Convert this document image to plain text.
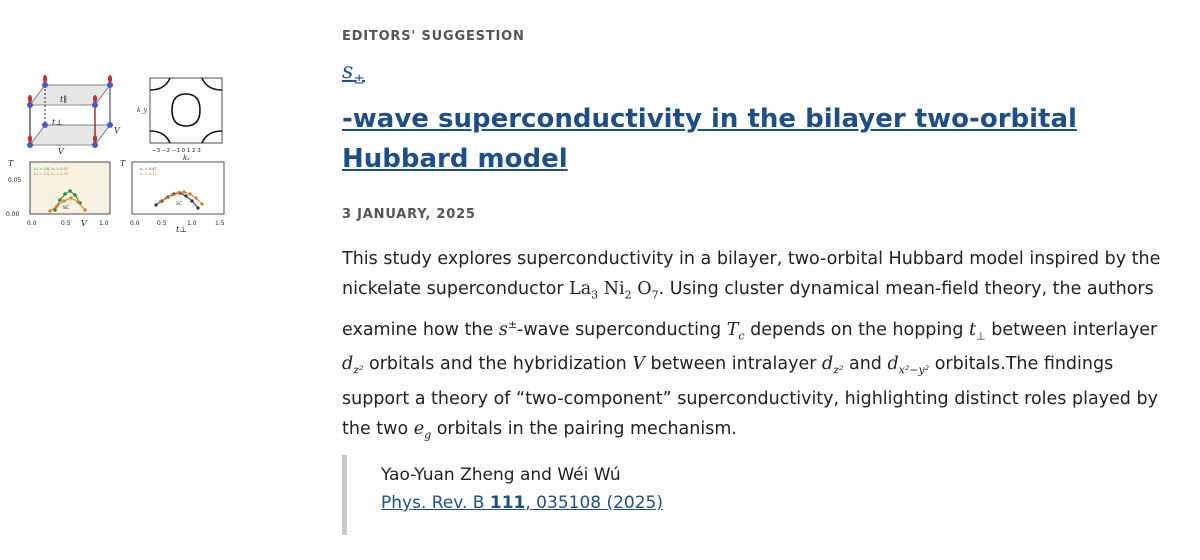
t∥
t⊥
V
V	−3 −2 −1 0 1 2 3
kₓ
k_y
T
0.05
0.00
0.0	0.5	1.0
V
t⊥ = 0.8, nₓ = 0.47
t⊥ = 1.0, nₓ = 0.45
SC
T
0.0	0.5	1.0	1.5
t⊥
nₓ = 0.47
nₓ = 0.45
SC
EDITORS' SUGGESTION
$s_\pm$
-wave superconductivity in the bilayer two-orbital Hubbard model
3 JANUARY, 2025

This study explores superconductivity in a bilayer, two-orbital Hubbard model inspired by the nickelate superconductor $La_3$ $Ni_2$ $O_7$. Using cluster dynamical mean-field theory, the authors examine how the s±-wave superconducting $T_c$ depends on the hopping $t_\perp$ between interlayer $d_{z^2}$ orbitals and the hybridization V between intralayer $d_{z^2}$ and $d_{x^2-y^2}$ orbitals.The findings support a theory of “two-component” superconductivity, highlighting distinct roles played by the two $e_g$ orbitals in the pairing mechanism.

Yao-Yuan Zheng and Wéi Wú
Phys. Rev. B 111, 035108 (2025)
